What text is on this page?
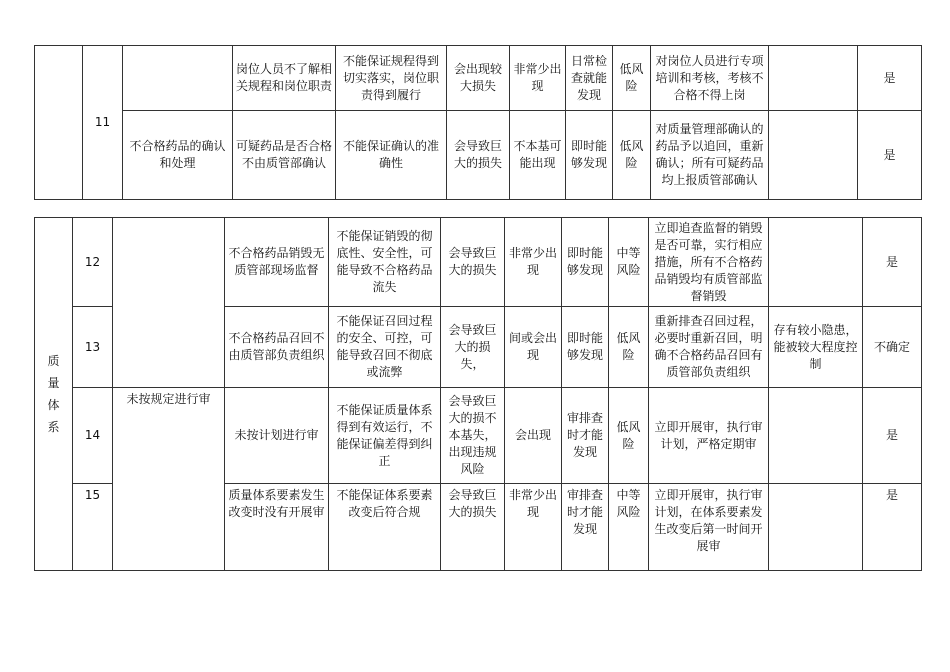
	11		岗位人员不了解相关规程和岗位职责	不能保证规程得到切实落实，岗位职责得到履行	会出现较大损失	非常少出现	日常检查就能发现	低风险	对岗位人员进行专项培训和考核，考核不合格不得上岗		是
		不合格药品的确认和处理	可疑药品是否合格不由质管部确认	不能保证确认的准确性	会导致巨大的损失	不本基可能出现	即时能够发现	低风险	对质量管理部确认的药品予以追回，重新确认；所有可疑药品均上报质管部确认		是
质量体系	12		不合格药品销毁无质管部现场监督	不能保证销毁的彻底性、安全性，可能导致不合格药品流失	会导致巨大的损失	非常少出现	即时能够发现	中等风险	立即追查监督的销毁是否可靠，实行相应措施，所有不合格药品销毁均有质管部监督销毁		是
	13		不合格药品召回不由质管部负责组织	不能保证召回过程的安全、可控，可能导致召回不彻底或流弊	会导致巨大的损失，	间或会出现	即时能够发现	低风险	重新排查召回过程，必要时重新召回，明确不合格药品召回有质管部负责组织	存有较小隐患，能被较大程度控制	不确定
	14	未按规定进行审	未按计划进行审	不能保证质量体系得到有效运行，不能保证偏差得到纠正	会导致巨大的损不本基失，出现违规风险	会出现	审排查时才能发现	低风险	立即开展审，执行审计划，严格定期审		是
	15		质量体系要素发生改变时没有开展审	不能保证体系要素改变后符合规	会导致巨大的损失	非常少出现	审排查时才能发现	中等风险	立即开展审，执行审计划，在体系要素发生改变后第一时间开展审		是
